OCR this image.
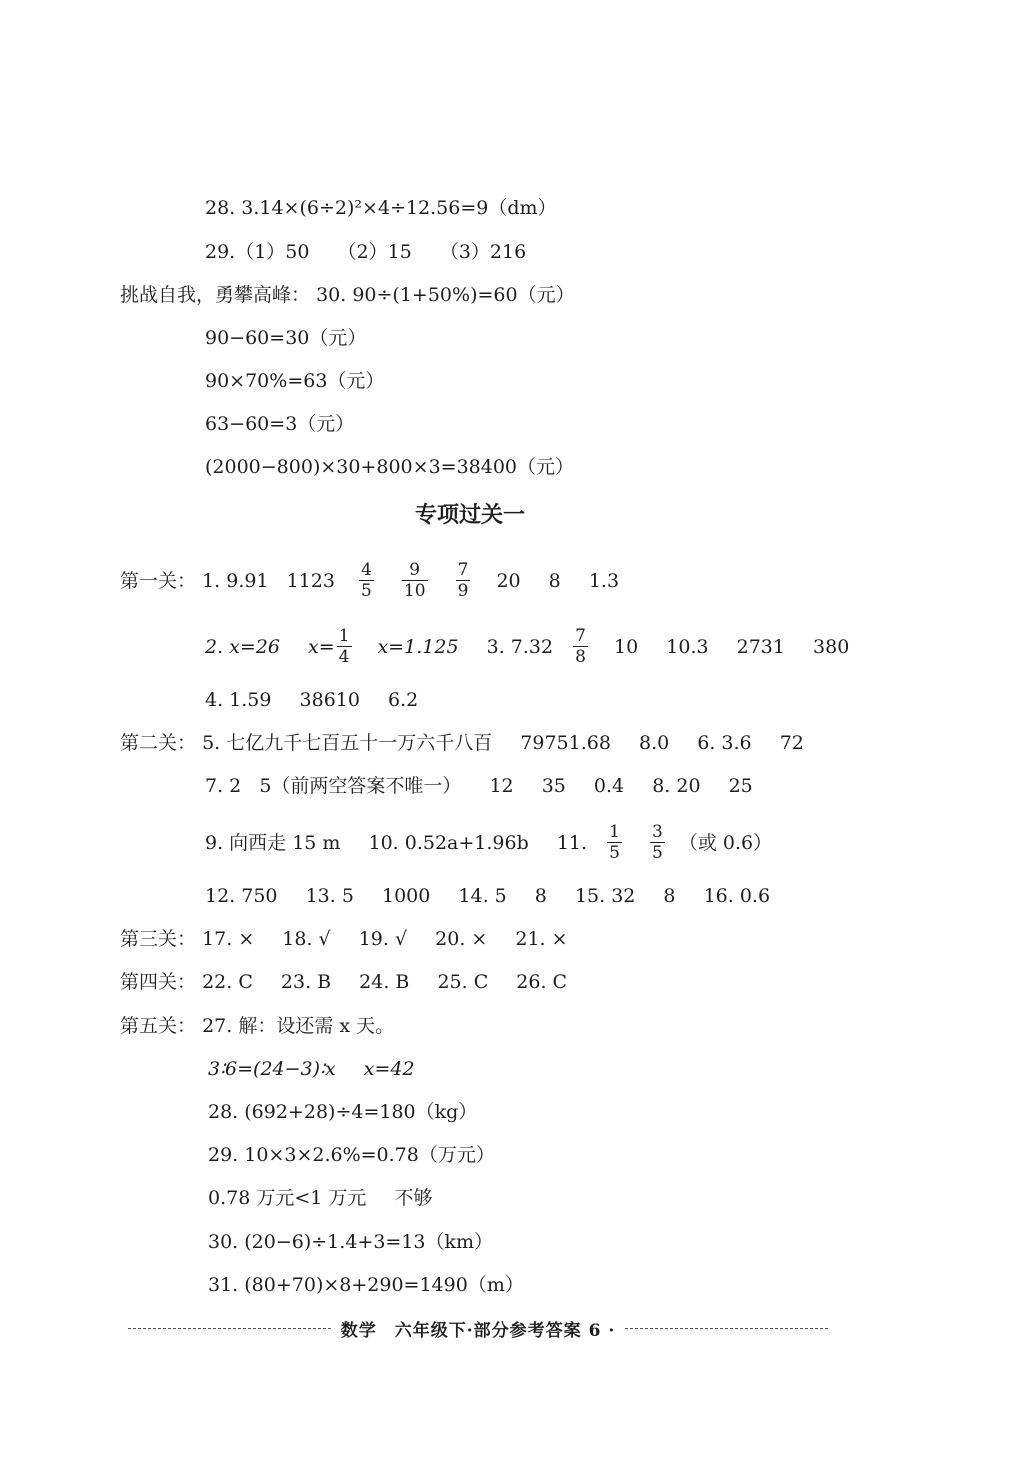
28. 3.14×(6÷2)²×4÷12.56=9（dm）
29.（1）50 （2）15 （3）216
挑战自我，勇攀高峰： 30. 90÷(1+50%)=60（元）
90−60=30（元）
90×70%=63（元）
63−60=3（元）
(2000−800)×30+800×3=38400（元）
专项过关一
第一关： 1. 9.91 $1123 \frac{4}{5}$
$\frac{9}{10}$
$\frac{7}{9} 20$ 8 1.3
2. x=26 $x= \frac{1}{4} x=1.125$ 3. $7.32 \frac{7}{8} 10$ 10.3 2731 380
4. 1.59 38610 6.2
第二关： 5. 七亿九千七百五十一万六千八百 79751.68 8.0 6. 3.6 72
7. 2 5（前两空答案不唯一） 12 35 0.4 8. 20 25
9. 向西走 15 m 10. 0.52a+1.96b 11. $\frac{1}{5}$
$\frac{3}{5}$ （或 0.6）
12. 750 13. 5 1000 14. 5 8 15. 32 8 16. 0.6
第三关： 17. × 18. √ 19. √ 20. × 21. ×
第四关： 22. C 23. B 24. B 25. C 26. C
第五关： 27. 解：设还需 x 天。
3∶6=(24−3)∶x x=42
28. (692+28)÷4=180（kg）
29. 10×3×2.6%=0.78（万元）
0.78 万元<1 万元 不够
30. (20−6)÷1.4+3=13（km）
31. (80+70)×8+290=1490（m）
数学　六年级下·部分参考答案 6 ·
